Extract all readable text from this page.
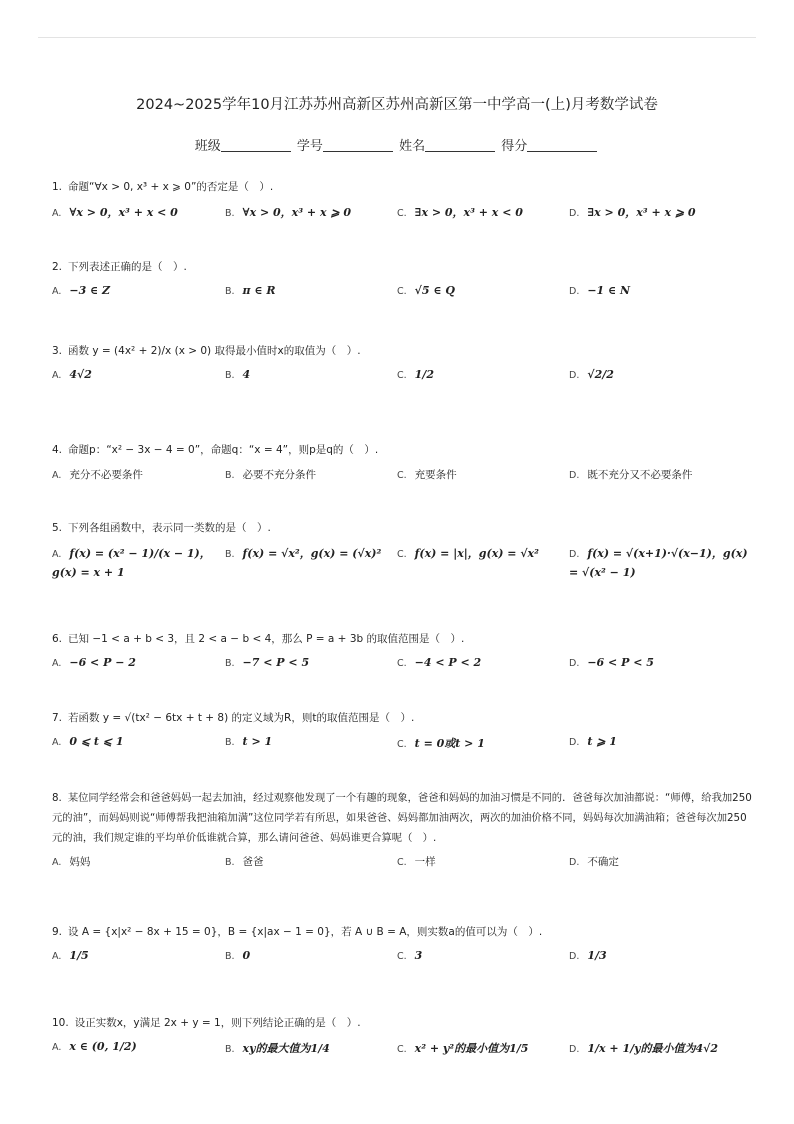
2024~2025学年10月江苏苏州高新区苏州高新区第一中学高一(上)月考数学试卷
班级	学号	姓名	得分
1. 命题“∀x > 0, x³ + x ⩾ 0”的否定是（　）.
A. ∀x > 0，x³ + x < 0	B. ∀x > 0，x³ + x ⩾ 0	C. ∃x > 0，x³ + x < 0	D. ∃x > 0，x³ + x ⩾ 0
2. 下列表述正确的是（　）.
A. −3 ∈ Z	B. π ∈ R	C. √5 ∈ Q	D. −1 ∈ N
3. 函数 y = (4x² + 2)/x (x > 0) 取得最小值时x的取值为（　）.
A. 4√2	B. 4	C. 1/2	D. √2/2
4. 命题p：“x² − 3x − 4 = 0”，命题q：“x = 4”，则p是q的（　）.
A. 充分不必要条件	B. 必要不充分条件	C. 充要条件	D. 既不充分又不必要条件
5. 下列各组函数中，表示同一类数的是（　）.
A. f(x) = (x² − 1)/(x − 1)，g(x) = x + 1
B. f(x) = √x²，g(x) = (√x)²	C. f(x) = |x|，g(x) = √x²	D. f(x) = √(x+1)·√(x−1)，g(x) = √(x² − 1)
6. 已知 −1 < a + b < 3，且 2 < a − b < 4，那么 P = a + 3b 的取值范围是（　）.
A. −6 < P − 2	B. −7 < P < 5	C. −4 < P < 2	D. −6 < P < 5
7. 若函数 y = √(tx² − 6tx + t + 8) 的定义域为R，则t的取值范围是（　）.
A. 0 ⩽ t ⩽ 1	B. t > 1	C. t = 0或t > 1	D. t ⩾ 1
8. 某位同学经常会和爸爸妈妈一起去加油，经过观察他发现了一个有趣的现象，爸爸和妈妈的加油习惯是不同的．爸爸每次加油都说：“师傅，给我加250元的油”，而妈妈则说“师傅帮我把油箱加满”这位同学若有所思，如果爸爸、妈妈都加油两次，两次的加油价格不同，妈妈每次加满油箱；爸爸每次加250元的油，我们规定谁的平均单价低谁就合算，那么请问爸爸、妈妈谁更合算呢（　）.
A. 妈妈	B. 爸爸	C. 一样	D. 不确定
9. 设 A = {x|x² − 8x + 15 = 0}，B = {x|ax − 1 = 0}，若 A ∪ B = A，则实数a的值可以为（　）.
A. 1/5	B. 0	C. 3	D. 1/3
10. 设正实数x，y满足 2x + y = 1，则下列结论正确的是（　）.
A. x ∈ (0, 1/2)	B. xy的最大值为1/4	C. x² + y²的最小值为1/5	D. 1/x + 1/y的最小值为4√2
